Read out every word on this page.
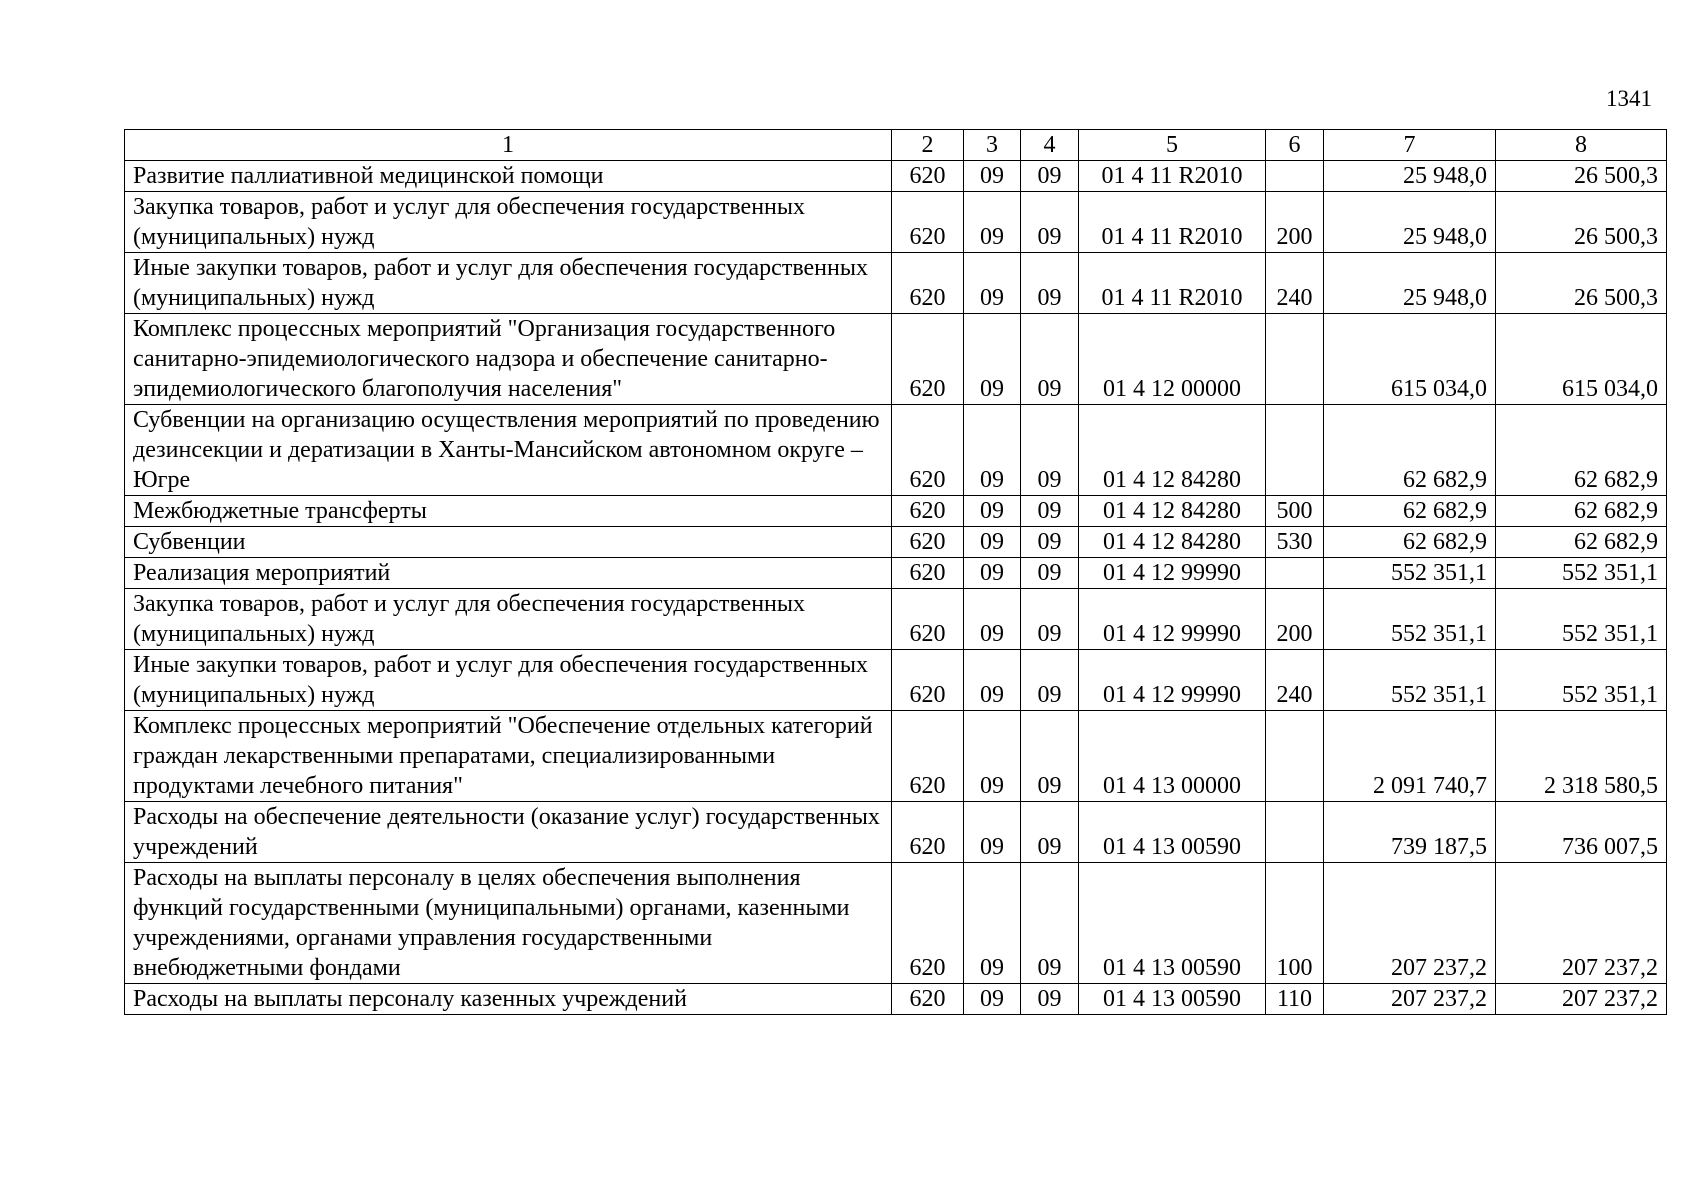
1341
1	2	3	4	5	6	7	8
Развитие паллиативной медицинской помощи	620	09	09	01 4 11 R2010		25 948,0	26 500,3
Закупка товаров, работ и услуг для обеспечения государственных (муниципальных) нужд	620	09	09	01 4 11 R2010	200	25 948,0	26 500,3
Иные закупки товаров, работ и услуг для обеспечения государственных (муниципальных) нужд	620	09	09	01 4 11 R2010	240	25 948,0	26 500,3
Комплекс процессных мероприятий "Организация государственного санитарно-эпидемиологического надзора и обеспечение санитарно-эпидемиологического благополучия населения"	620	09	09	01 4 12 00000		615 034,0	615 034,0
Субвенции на организацию осуществления мероприятий по проведению дезинсекции и дератизации в Ханты-Мансийском автономном округе – Югре	620	09	09	01 4 12 84280		62 682,9	62 682,9
Межбюджетные трансферты	620	09	09	01 4 12 84280	500	62 682,9	62 682,9
Субвенции	620	09	09	01 4 12 84280	530	62 682,9	62 682,9
Реализация мероприятий	620	09	09	01 4 12 99990		552 351,1	552 351,1
Закупка товаров, работ и услуг для обеспечения государственных (муниципальных) нужд	620	09	09	01 4 12 99990	200	552 351,1	552 351,1
Иные закупки товаров, работ и услуг для обеспечения государственных (муниципальных) нужд	620	09	09	01 4 12 99990	240	552 351,1	552 351,1
Комплекс процессных мероприятий "Обеспечение отдельных категорий граждан лекарственными препаратами, специализированными продуктами лечебного питания"	620	09	09	01 4 13 00000		2 091 740,7	2 318 580,5
Расходы на обеспечение деятельности (оказание услуг) государственных учреждений	620	09	09	01 4 13 00590		739 187,5	736 007,5
Расходы на выплаты персоналу в целях обеспечения выполнения функций государственными (муниципальными) органами, казенными учреждениями, органами управления государственными внебюджетными фондами	620	09	09	01 4 13 00590	100	207 237,2	207 237,2
Расходы на выплаты персоналу казенных учреждений	620	09	09	01 4 13 00590	110	207 237,2	207 237,2
